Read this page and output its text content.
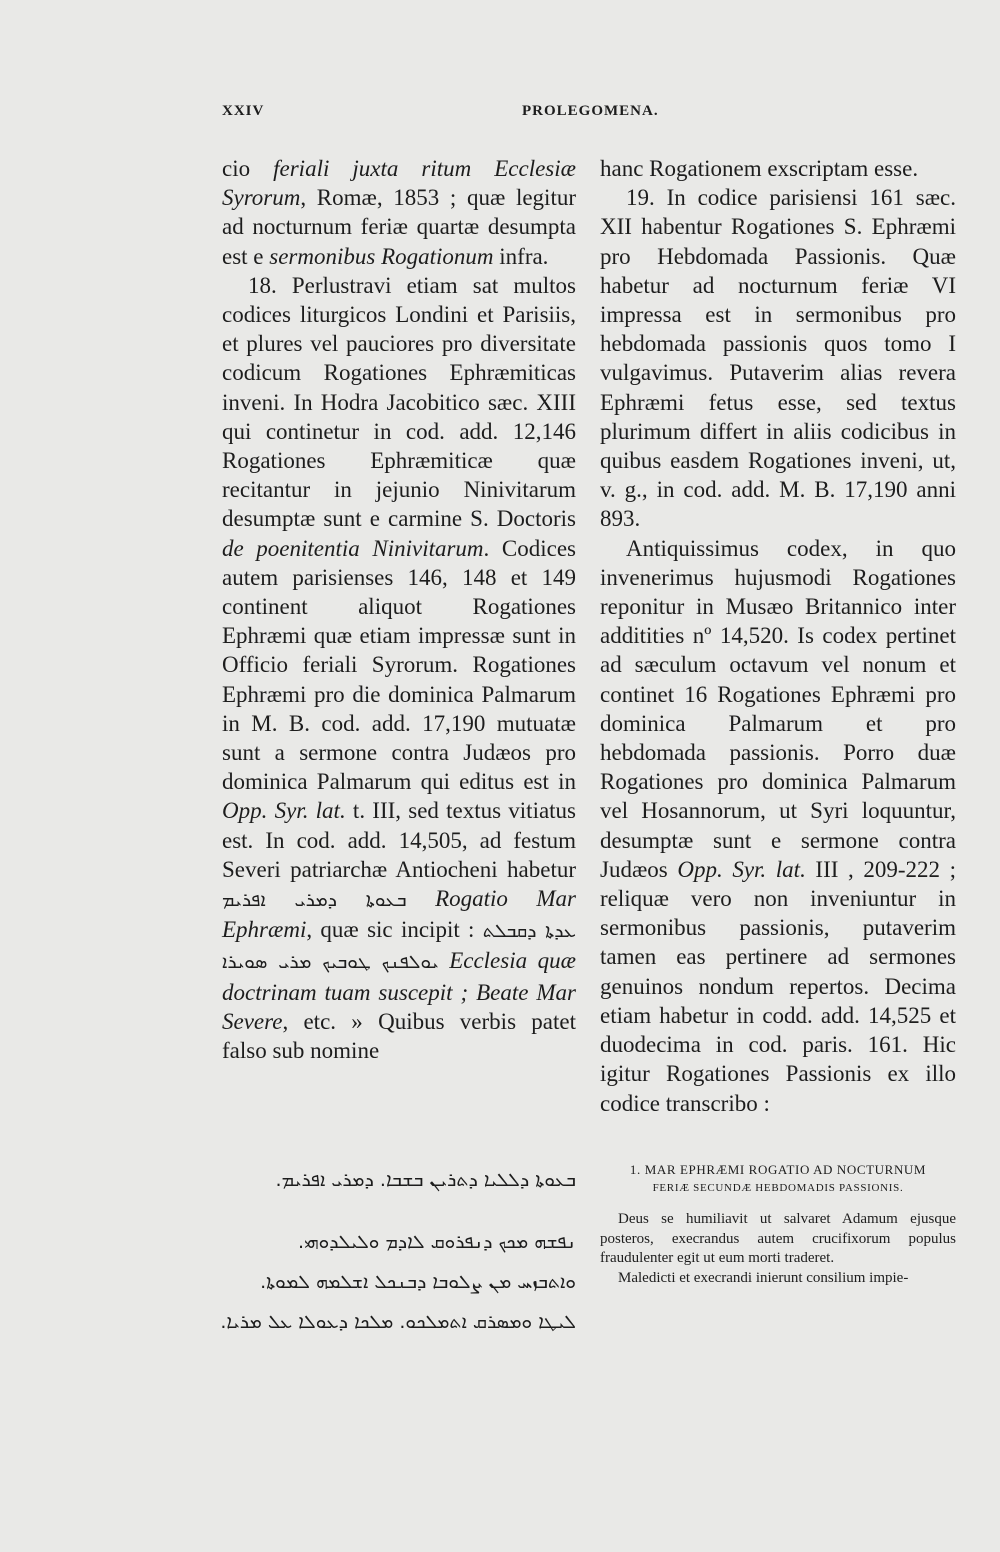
XXIV	PROLEGOMENA.

cio feriali juxta ritum Ecclesiæ Syrorum, Romæ, 1853 ; quæ legitur ad nocturnum feriæ quartæ desumpta est e sermonibus Rogationum infra.

18. Perlustravi etiam sat multos codices liturgicos Londini et Parisiis, et plures vel pauciores pro diversitate codicum Rogationes Ephræmiticas inveni. In Hodra Jacobitico sæc. XIII qui continetur in cod. add. 12,146 Rogationes Ephræmiticæ quæ recitantur in jejunio Ninivitarum desumptæ sunt e carmine S. Doctoris de poenitentia Ninivitarum. Codices autem parisienses 146, 148 et 149 continent aliquot Rogationes Ephræmi quæ etiam impressæ sunt in Officio feriali Syrorum. Rogationes Ephræmi pro die dominica Palmarum in M. B. cod. add. 17,190 mutuatæ sunt a sermone contra Judæos pro dominica Palmarum qui editus est in Opp. Syr. lat. t. III, sed textus vitiatus est. In cod. add. 14,505, ad festum Severi patriarchæ Antiocheni habetur ܒܥܘܬܐ ܕܡܪܝ ܐܦܪܝܡ Rogatio Mar Ephræmi, quæ sic incipit : ܥܕܬܐ ܕܩܒܠܬ ܝܘܠܦܢܟ ܛܘܒܝܟ ܡܪܝ ܣܘܝܪܐ Ecclesia quæ doctrinam tuam suscepit ; Beate Mar Severe, etc. » Quibus verbis patet falso sub nomine

hanc Rogationem exscriptam esse.

19. In codice parisiensi 161 sæc. XII habentur Rogationes S. Ephræmi pro Hebdomada Passionis. Quæ habetur ad nocturnum feriæ VI impressa est in sermonibus pro hebdomada passionis quos tomo I vulgavimus. Putaverim alias revera Ephræmi fetus esse, sed textus plurimum differt in aliis codicibus in quibus easdem Rogationes inveni, ut, v. g., in cod. add. M. B. 17,190 anni 893.

Antiquissimus codex, in quo invenerimus hujusmodi Rogationes reponitur in Musæo Britannico inter additities nº 14,520. Is codex pertinet ad sæculum octavum vel nonum et continet 16 Rogationes Ephræmi pro dominica Palmarum et pro hebdomada passionis. Porro duæ Rogationes pro dominica Palmarum vel Hosannorum, ut Syri loquuntur, desumptæ sunt e sermone contra Judæos Opp. Syr. lat. III , 209-222 ; reliquæ vero non inveniuntur in sermonibus passionis, putaverim tamen eas pertinere ad sermones genuinos nondum repertos. Decima etiam habetur in codd. add. 14,525 et duodecima in cod. paris. 161. Hic igitur Rogationes Passionis ex illo codice transcribo :

ܒܥܘܬܐ ܕܠܠܝܐ ܕܬܪܝܢ ܒܫܒܐ. ܕܡܪܝ ܐܦܪܝܡ.
ܢܦܫܗ ܡܟܟ ܕܢܦܪܘܩ ܠܐܕܡ ܘܠܝܠܕܘܗܝ.
ܘܐܬܒܙܚ ܡܢ ܨܠܘܒܐ ܕܒܢܟܠ ܐܫܠܡܗ ܠܡܘܬܐ.
ܠܝܛܐ ܘܡܣܪܩ ܐܬܡܠܟܘ. ܡܠܟܐ ܕܥܘܠܐ ܥܠ ܡܪܝܐ.
1. MAR EPHRÆMI ROGATIO AD NOCTURNUM
FERIÆ SECUNDÆ HEBDOMADIS PASSIONIS.

Deus se humiliavit ut salvaret Adamum ejusque posteros, execrandus autem crucifixorum populus fraudulenter egit ut eum morti traderet.

Maledicti et execrandi inierunt consilium impie-
